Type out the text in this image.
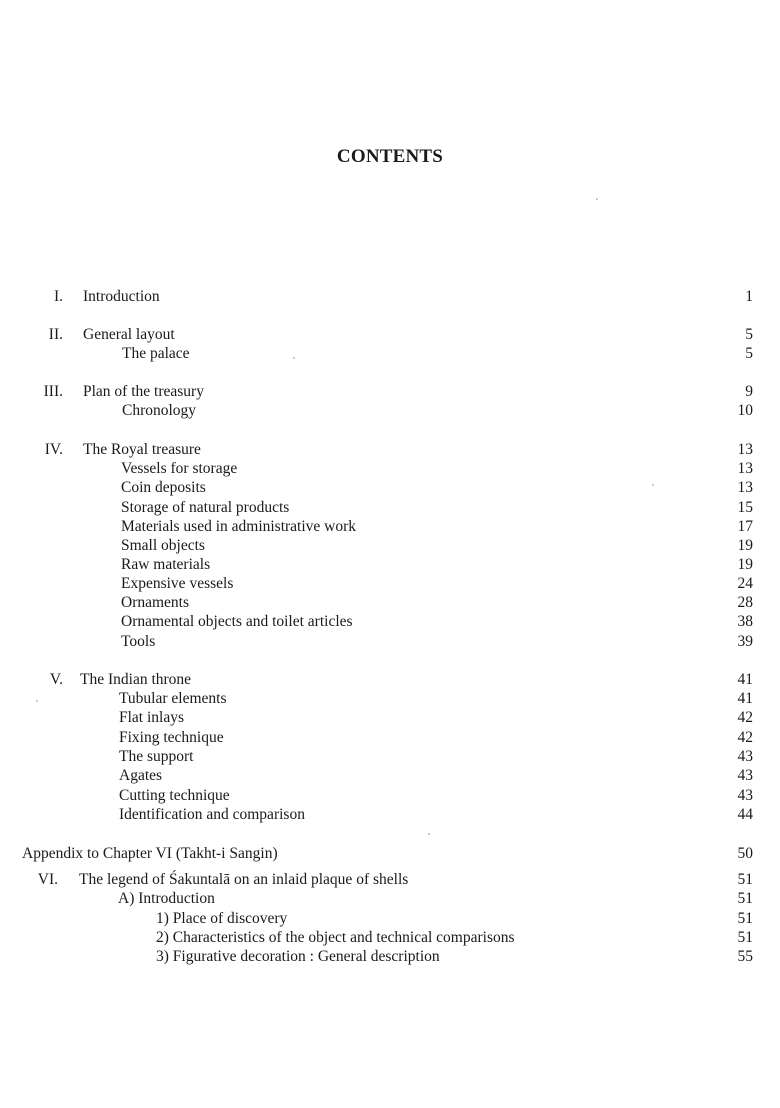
CONTENTS
I. Introduction	1
II. General layout	5
The palace	5
III. Plan of the treasury	9
Chronology	10
IV. The Royal treasure	13
Vessels for storage	13
Coin deposits	13
Storage of natural products	15
Materials used in administrative work	17
Small objects	19
Raw materials	19
Expensive vessels	24
Ornaments	28
Ornamental objects and toilet articles	38
Tools	39
V. The Indian throne	41
Tubular elements	41
Flat inlays	42
Fixing technique	42
The support	43
Agates	43
Cutting technique	43
Identification and comparison	44
Appendix to Chapter VI (Takht-i Sangin)	50
VI. The legend of Śakuntalā on an inlaid plaque of shells	51
A) Introduction	51
1) Place of discovery	51
2) Characteristics of the object and technical comparisons	51
3) Figurative decoration : General description	55
